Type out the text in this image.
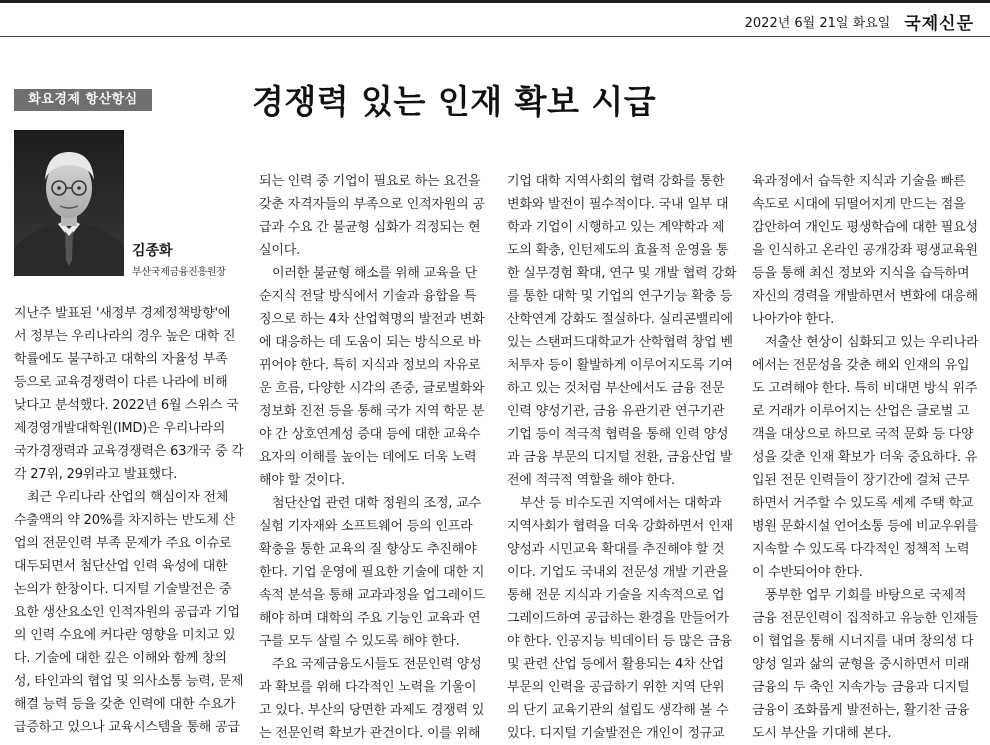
2022년 6월 21일 화요일 국제신문
화요경제 항산항심	경쟁력 있는 인재 확보 시급
김종화
부산국제금융진흥원장
지난주 발표된 '새정부 경제정책방향'에
서 정부는 우리나라의 경우 높은 대학 진
학률에도 불구하고 대학의 자율성 부족
등으로 교육경쟁력이 다른 나라에 비해
낮다고 분석했다. 2022년 6월 스위스 국
제경영개발대학원(IMD)은 우리나라의
국가경쟁력과 교육경쟁력은 63개국 중 각
각 27위, 29위라고 발표했다.
최근 우리나라 산업의 핵심이자 전체
수출액의 약 20%를 차지하는 반도체 산
업의 전문인력 부족 문제가 주요 이슈로
대두되면서 첨단산업 인력 육성에 대한
논의가 한창이다. 디지털 기술발전은 중
요한 생산요소인 인적자원의 공급과 기업
의 인력 수요에 커다란 영향을 미치고 있
다. 기술에 대한 깊은 이해와 함께 창의
성, 타인과의 협업 및 의사소통 능력, 문제
해결 능력 등을 갖춘 인력에 대한 수요가
급증하고 있으나 교육시스템을 통해 공급
되는 인력 중 기업이 필요로 하는 요건을
갖춘 자격자들의 부족으로 인적자원의 공
급과 수요 간 불균형 심화가 걱정되는 현
실이다.
이러한 불균형 해소를 위해 교육을 단
순지식 전달 방식에서 기술과 융합을 특
징으로 하는 4차 산업혁명의 발전과 변화
에 대응하는 데 도움이 되는 방식으로 바
뀌어야 한다. 특히 지식과 정보의 자유로
운 흐름, 다양한 시각의 존중, 글로벌화와
정보화 진전 등을 통해 국가 지역 학문 분
야 간 상호연계성 증대 등에 대한 교육수
요자의 이해를 높이는 데에도 더욱 노력
해야 할 것이다.
첨단산업 관련 대학 정원의 조정, 교수
실험 기자재와 소프트웨어 등의 인프라
확충을 통한 교육의 질 향상도 추진해야
한다. 기업 운영에 필요한 기술에 대한 지
속적 분석을 통해 교과과정을 업그레이드
해야 하며 대학의 주요 기능인 교육과 연
구를 모두 살릴 수 있도록 해야 한다.
주요 국제금융도시들도 전문인력 양성
과 확보를 위해 다각적인 노력을 기울이
고 있다. 부산의 당면한 과제도 경쟁력 있
는 전문인력 확보가 관건이다. 이를 위해
기업 대학 지역사회의 협력 강화를 통한
변화와 발전이 필수적이다. 국내 일부 대
학과 기업이 시행하고 있는 계약학과 제
도의 확충, 인턴제도의 효율적 운영을 통
한 실무경험 확대, 연구 및 개발 협력 강화
를 통한 대학 및 기업의 연구기능 확충 등
산학연계 강화도 절실하다. 실리콘밸리에
있는 스탠퍼드대학교가 산학협력 창업 벤
처투자 등이 활발하게 이루어지도록 기여
하고 있는 것처럼 부산에서도 금융 전문
인력 양성기관, 금융 유관기관 연구기관
기업 등이 적극적 협력을 통해 인력 양성
과 금융 부문의 디지털 전환, 금융산업 발
전에 적극적 역할을 해야 한다.
부산 등 비수도권 지역에서는 대학과
지역사회가 협력을 더욱 강화하면서 인재
양성과 시민교육 확대를 추진해야 할 것
이다. 기업도 국내외 전문성 개발 기관을
통해 전문 지식과 기술을 지속적으로 업
그레이드하여 공급하는 환경을 만들어가
야 한다. 인공지능 빅데이터 등 많은 금융
및 관련 산업 등에서 활용되는 4차 산업
부문의 인력을 공급하기 위한 지역 단위
의 단기 교육기관의 설립도 생각해 볼 수
있다. 디지털 기술발전은 개인이 정규교
육과정에서 습득한 지식과 기술을 빠른
속도로 시대에 뒤떨어지게 만드는 점을
감안하여 개인도 평생학습에 대한 필요성
을 인식하고 온라인 공개강좌 평생교육원
등을 통해 최신 정보와 지식을 습득하며
자신의 경력을 개발하면서 변화에 대응해
나아가야 한다.
저출산 현상이 심화되고 있는 우리나라
에서는 전문성을 갖춘 해외 인재의 유입
도 고려해야 한다. 특히 비대면 방식 위주
로 거래가 이루어지는 산업은 글로벌 고
객을 대상으로 하므로 국적 문화 등 다양
성을 갖춘 인재 확보가 더욱 중요하다. 유
입된 전문 인력들이 장기간에 걸쳐 근무
하면서 거주할 수 있도록 세제 주택 학교
병원 문화시설 언어소통 등에 비교우위를
지속할 수 있도록 다각적인 정책적 노력
이 수반되어야 한다.
풍부한 업무 기회를 바탕으로 국제적
금융 전문인력이 집적하고 유능한 인재들
이 협업을 통해 시너지를 내며 창의성 다
양성 일과 삶의 균형을 중시하면서 미래
금융의 두 축인 지속가능 금융과 디지털
금융이 조화롭게 발전하는, 활기찬 금융
도시 부산을 기대해 본다.
